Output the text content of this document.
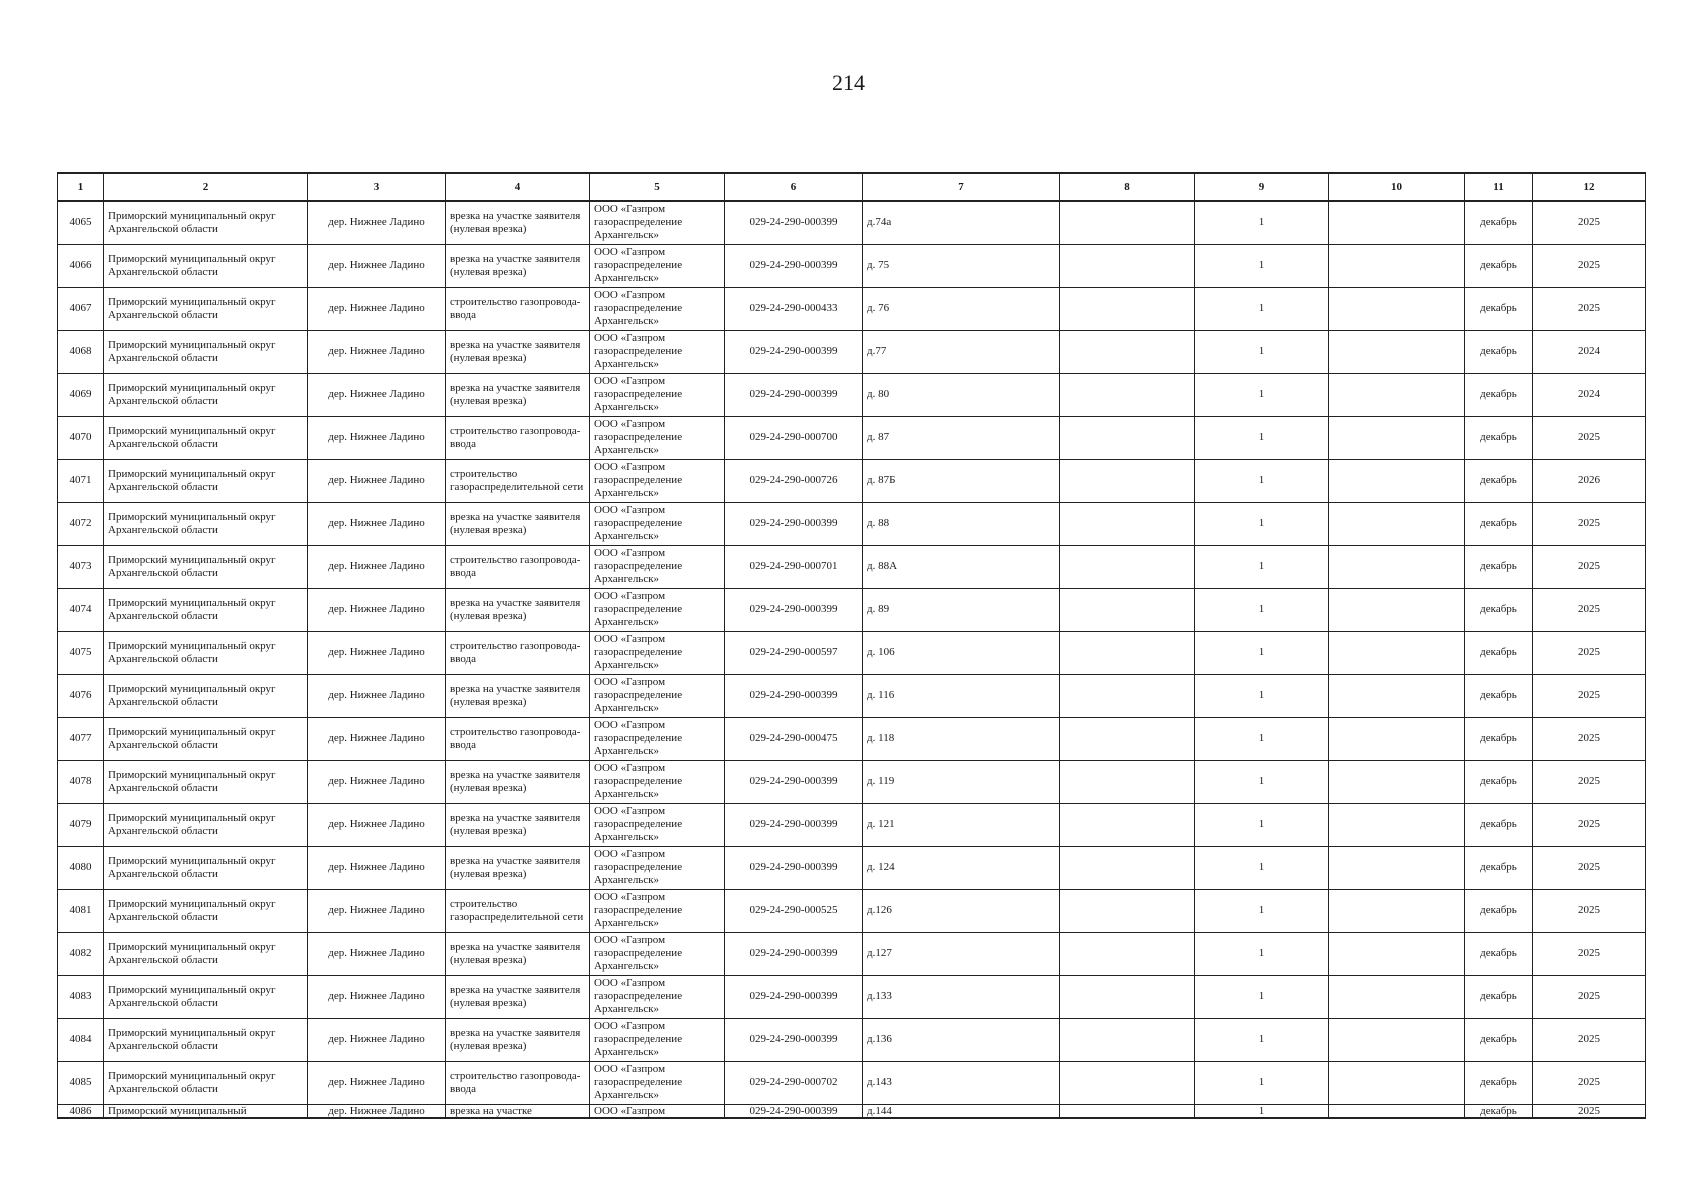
214
1	2	3	4	5	6	7	8	9	10	11	12
4065	Приморский муниципальный округ Архангельской области	дер. Нижнее Ладино	врезка на участке заявителя (нулевая врезка)	ООО «Газпром газораспределение Архангельск»	029-24-290-000399	д.74а		1		декабрь	2025
4066	Приморский муниципальный округ Архангельской области	дер. Нижнее Ладино	врезка на участке заявителя (нулевая врезка)	ООО «Газпром газораспределение Архангельск»	029-24-290-000399	д. 75		1		декабрь	2025
4067	Приморский муниципальный округ Архангельской области	дер. Нижнее Ладино	строительство газопровода-ввода	ООО «Газпром газораспределение Архангельск»	029-24-290-000433	д. 76		1		декабрь	2025
4068	Приморский муниципальный округ Архангельской области	дер. Нижнее Ладино	врезка на участке заявителя (нулевая врезка)	ООО «Газпром газораспределение Архангельск»	029-24-290-000399	д.77		1		декабрь	2024
4069	Приморский муниципальный округ Архангельской области	дер. Нижнее Ладино	врезка на участке заявителя (нулевая врезка)	ООО «Газпром газораспределение Архангельск»	029-24-290-000399	д. 80		1		декабрь	2024
4070	Приморский муниципальный округ Архангельской области	дер. Нижнее Ладино	строительство газопровода-ввода	ООО «Газпром газораспределение Архангельск»	029-24-290-000700	д. 87		1		декабрь	2025
4071	Приморский муниципальный округ Архангельской области	дер. Нижнее Ладино	строительство газораспределительной сети	ООО «Газпром газораспределение Архангельск»	029-24-290-000726	д. 87Б		1		декабрь	2026
4072	Приморский муниципальный округ Архангельской области	дер. Нижнее Ладино	врезка на участке заявителя (нулевая врезка)	ООО «Газпром газораспределение Архангельск»	029-24-290-000399	д. 88		1		декабрь	2025
4073	Приморский муниципальный округ Архангельской области	дер. Нижнее Ладино	строительство газопровода-ввода	ООО «Газпром газораспределение Архангельск»	029-24-290-000701	д. 88А		1		декабрь	2025
4074	Приморский муниципальный округ Архангельской области	дер. Нижнее Ладино	врезка на участке заявителя (нулевая врезка)	ООО «Газпром газораспределение Архангельск»	029-24-290-000399	д. 89		1		декабрь	2025
4075	Приморский муниципальный округ Архангельской области	дер. Нижнее Ладино	строительство газопровода-ввода	ООО «Газпром газораспределение Архангельск»	029-24-290-000597	д. 106		1		декабрь	2025
4076	Приморский муниципальный округ Архангельской области	дер. Нижнее Ладино	врезка на участке заявителя (нулевая врезка)	ООО «Газпром газораспределение Архангельск»	029-24-290-000399	д. 116		1		декабрь	2025
4077	Приморский муниципальный округ Архангельской области	дер. Нижнее Ладино	строительство газопровода-ввода	ООО «Газпром газораспределение Архангельск»	029-24-290-000475	д. 118		1		декабрь	2025
4078	Приморский муниципальный округ Архангельской области	дер. Нижнее Ладино	врезка на участке заявителя (нулевая врезка)	ООО «Газпром газораспределение Архангельск»	029-24-290-000399	д. 119		1		декабрь	2025
4079	Приморский муниципальный округ Архангельской области	дер. Нижнее Ладино	врезка на участке заявителя (нулевая врезка)	ООО «Газпром газораспределение Архангельск»	029-24-290-000399	д. 121		1		декабрь	2025
4080	Приморский муниципальный округ Архангельской области	дер. Нижнее Ладино	врезка на участке заявителя (нулевая врезка)	ООО «Газпром газораспределение Архангельск»	029-24-290-000399	д. 124		1		декабрь	2025
4081	Приморский муниципальный округ Архангельской области	дер. Нижнее Ладино	строительство газораспределительной сети	ООО «Газпром газораспределение Архангельск»	029-24-290-000525	д.126		1		декабрь	2025
4082	Приморский муниципальный округ Архангельской области	дер. Нижнее Ладино	врезка на участке заявителя (нулевая врезка)	ООО «Газпром газораспределение Архангельск»	029-24-290-000399	д.127		1		декабрь	2025
4083	Приморский муниципальный округ Архангельской области	дер. Нижнее Ладино	врезка на участке заявителя (нулевая врезка)	ООО «Газпром газораспределение Архангельск»	029-24-290-000399	д.133		1		декабрь	2025
4084	Приморский муниципальный округ Архангельской области	дер. Нижнее Ладино	врезка на участке заявителя (нулевая врезка)	ООО «Газпром газораспределение Архангельск»	029-24-290-000399	д.136		1		декабрь	2025
4085	Приморский муниципальный округ Архангельской области	дер. Нижнее Ладино	строительство газопровода-ввода	ООО «Газпром газораспределение Архангельск»	029-24-290-000702	д.143		1		декабрь	2025
4086	Приморский муниципальный	дер. Нижнее Ладино	врезка на участке	ООО «Газпром	029-24-290-000399	д.144		1		декабрь	2025
